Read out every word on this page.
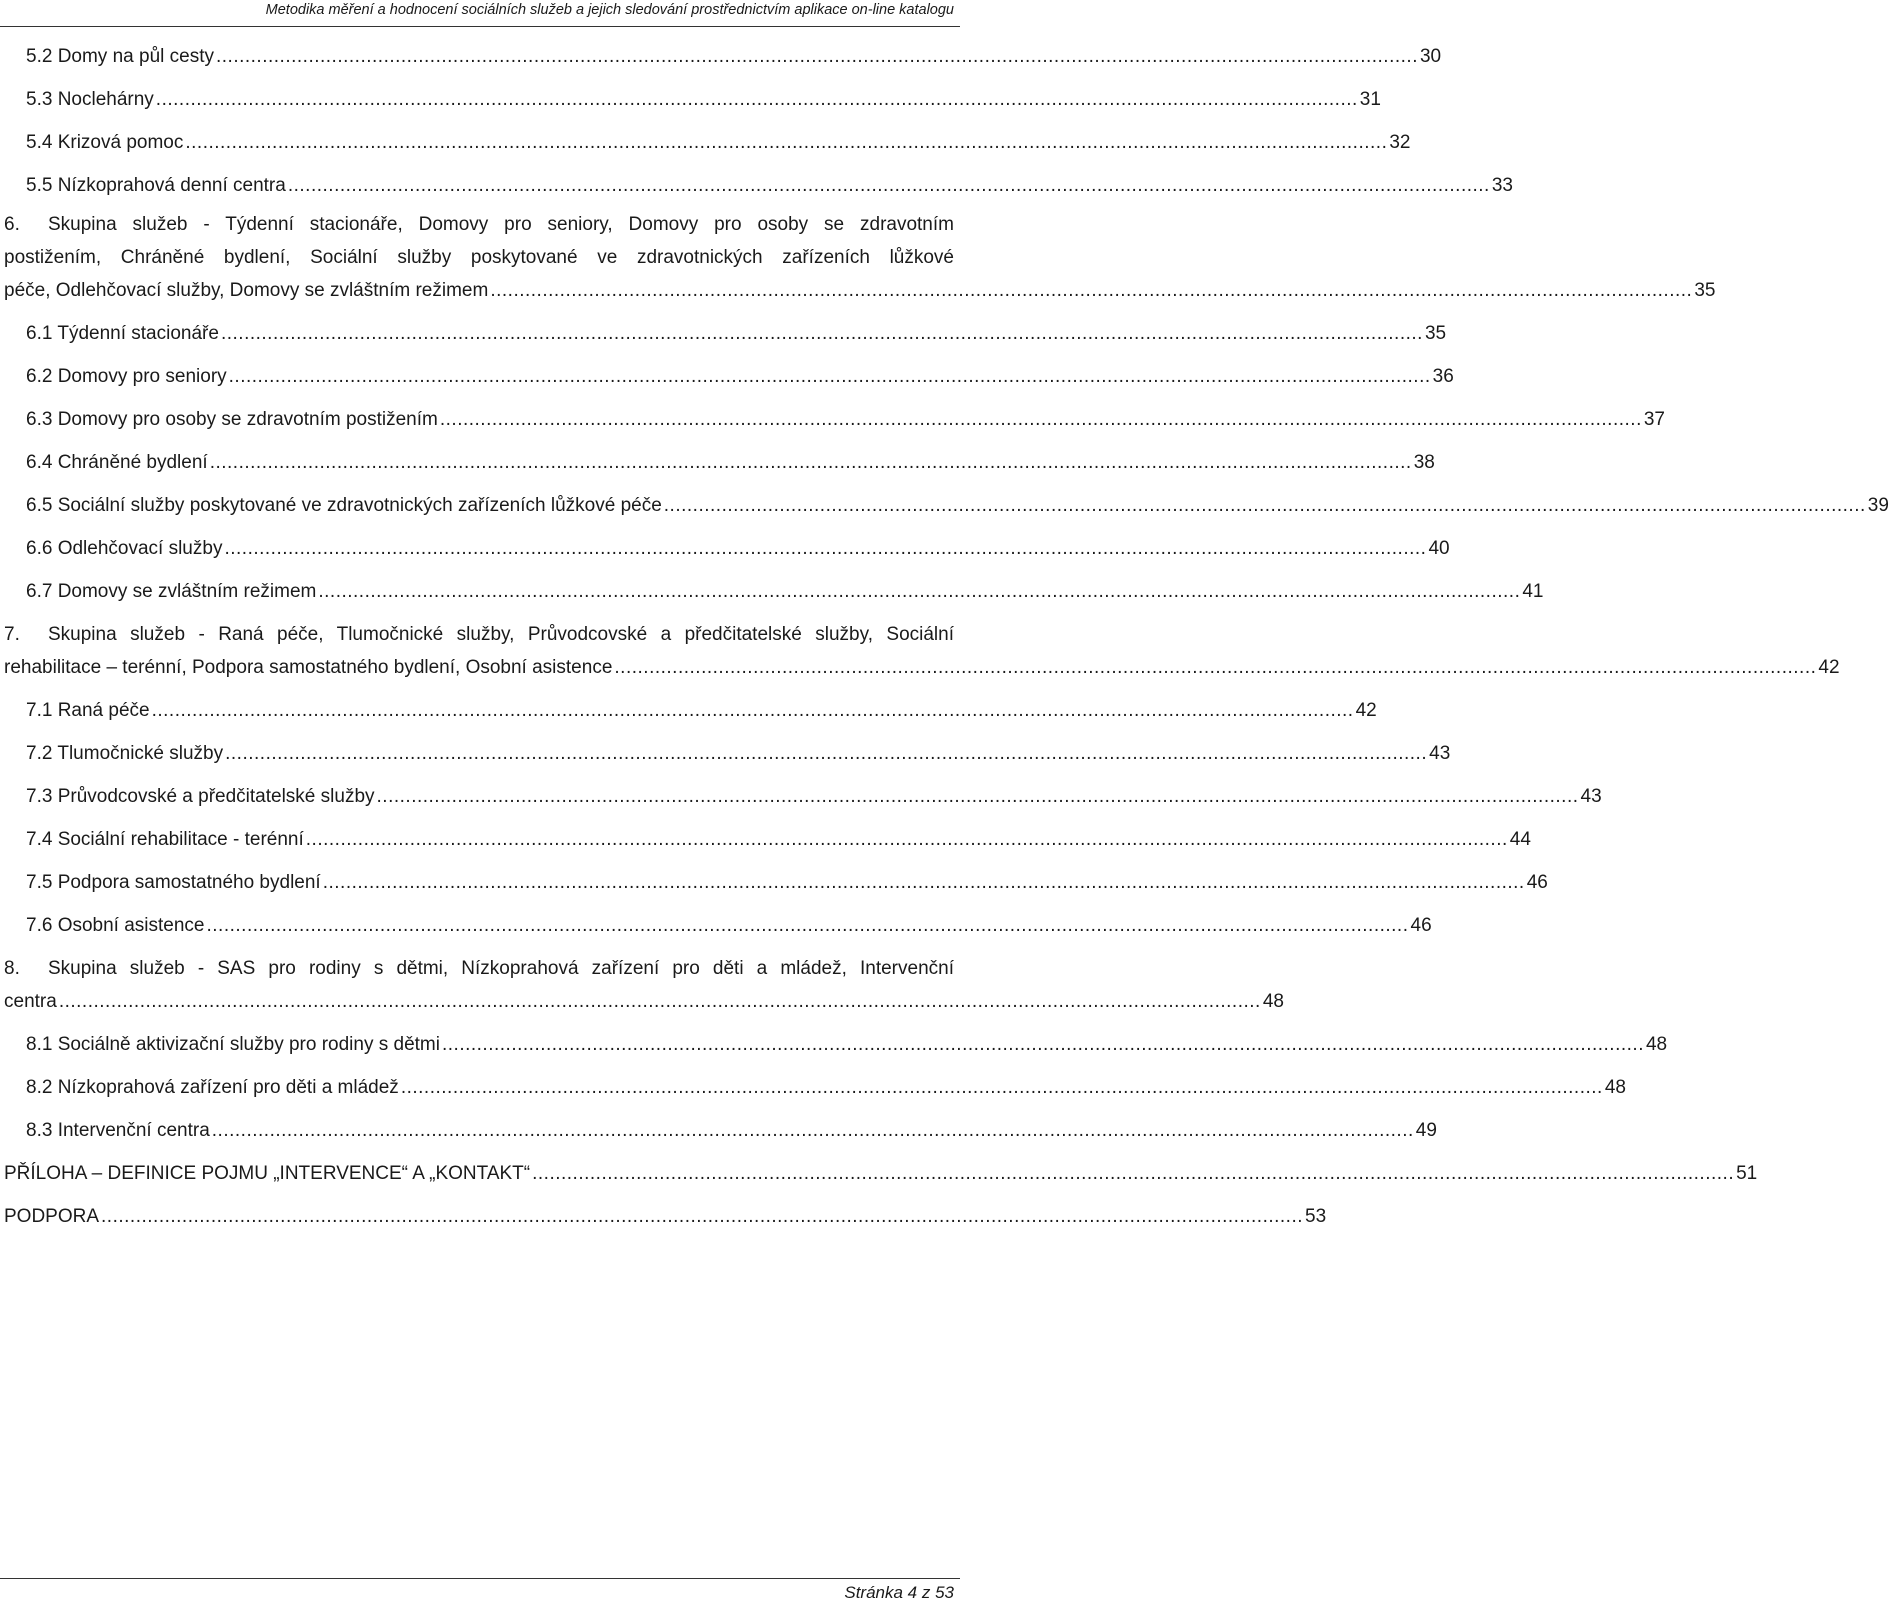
Metodika měření a hodnocení sociálních služeb a jejich sledování prostřednictvím aplikace on-line katalogu
5.2 Domy na půl cesty ................................................................................................................................................................................................................ 30
5.3 Noclehárny ................................................................................................................................................................................................................ 31
5.4 Krizová pomoc ................................................................................................................................................................................................................ 32
5.5 Nízkoprahová denní centra ................................................................................................................................................................................................................ 33
6. Skupina služeb - Týdenní stacionáře, Domovy pro seniory, Domovy pro osoby se zdravotním
postižením, Chráněné bydlení, Sociální služby poskytované ve zdravotnických zařízeních lůžkové
péče, Odlehčovací služby, Domovy se zvláštním režimem ................................................................................................................................................................................................................ 35
6.1 Týdenní stacionáře ................................................................................................................................................................................................................ 35
6.2 Domovy pro seniory ................................................................................................................................................................................................................ 36
6.3 Domovy pro osoby se zdravotním postižením ................................................................................................................................................................................................................ 37
6.4 Chráněné bydlení ................................................................................................................................................................................................................ 38
6.5 Sociální služby poskytované ve zdravotnických zařízeních lůžkové péče ................................................................................................................................................................................................................ 39
6.6 Odlehčovací služby ................................................................................................................................................................................................................ 40
6.7 Domovy se zvláštním režimem ................................................................................................................................................................................................................ 41
7. Skupina služeb - Raná péče, Tlumočnické služby, Průvodcovské a předčitatelské služby, Sociální
rehabilitace – terénní, Podpora samostatného bydlení, Osobní asistence ................................................................................................................................................................................................................ 42
7.1 Raná péče ................................................................................................................................................................................................................ 42
7.2 Tlumočnické služby ................................................................................................................................................................................................................ 43
7.3 Průvodcovské a předčitatelské služby ................................................................................................................................................................................................................ 43
7.4 Sociální rehabilitace - terénní ................................................................................................................................................................................................................ 44
7.5 Podpora samostatného bydlení ................................................................................................................................................................................................................ 46
7.6 Osobní asistence ................................................................................................................................................................................................................ 46
8. Skupina služeb - SAS pro rodiny s dětmi, Nízkoprahová zařízení pro děti a mládež, Intervenční
centra ................................................................................................................................................................................................................ 48
8.1 Sociálně aktivizační služby pro rodiny s dětmi ................................................................................................................................................................................................................ 48
8.2 Nízkoprahová zařízení pro děti a mládež ................................................................................................................................................................................................................ 48
8.3 Intervenční centra ................................................................................................................................................................................................................ 49
PŘÍLOHA – DEFINICE POJMU „INTERVENCE“ A „KONTAKT“ ................................................................................................................................................................................................................ 51
PODPORA ................................................................................................................................................................................................................ 53
Stránka 4 z 53
